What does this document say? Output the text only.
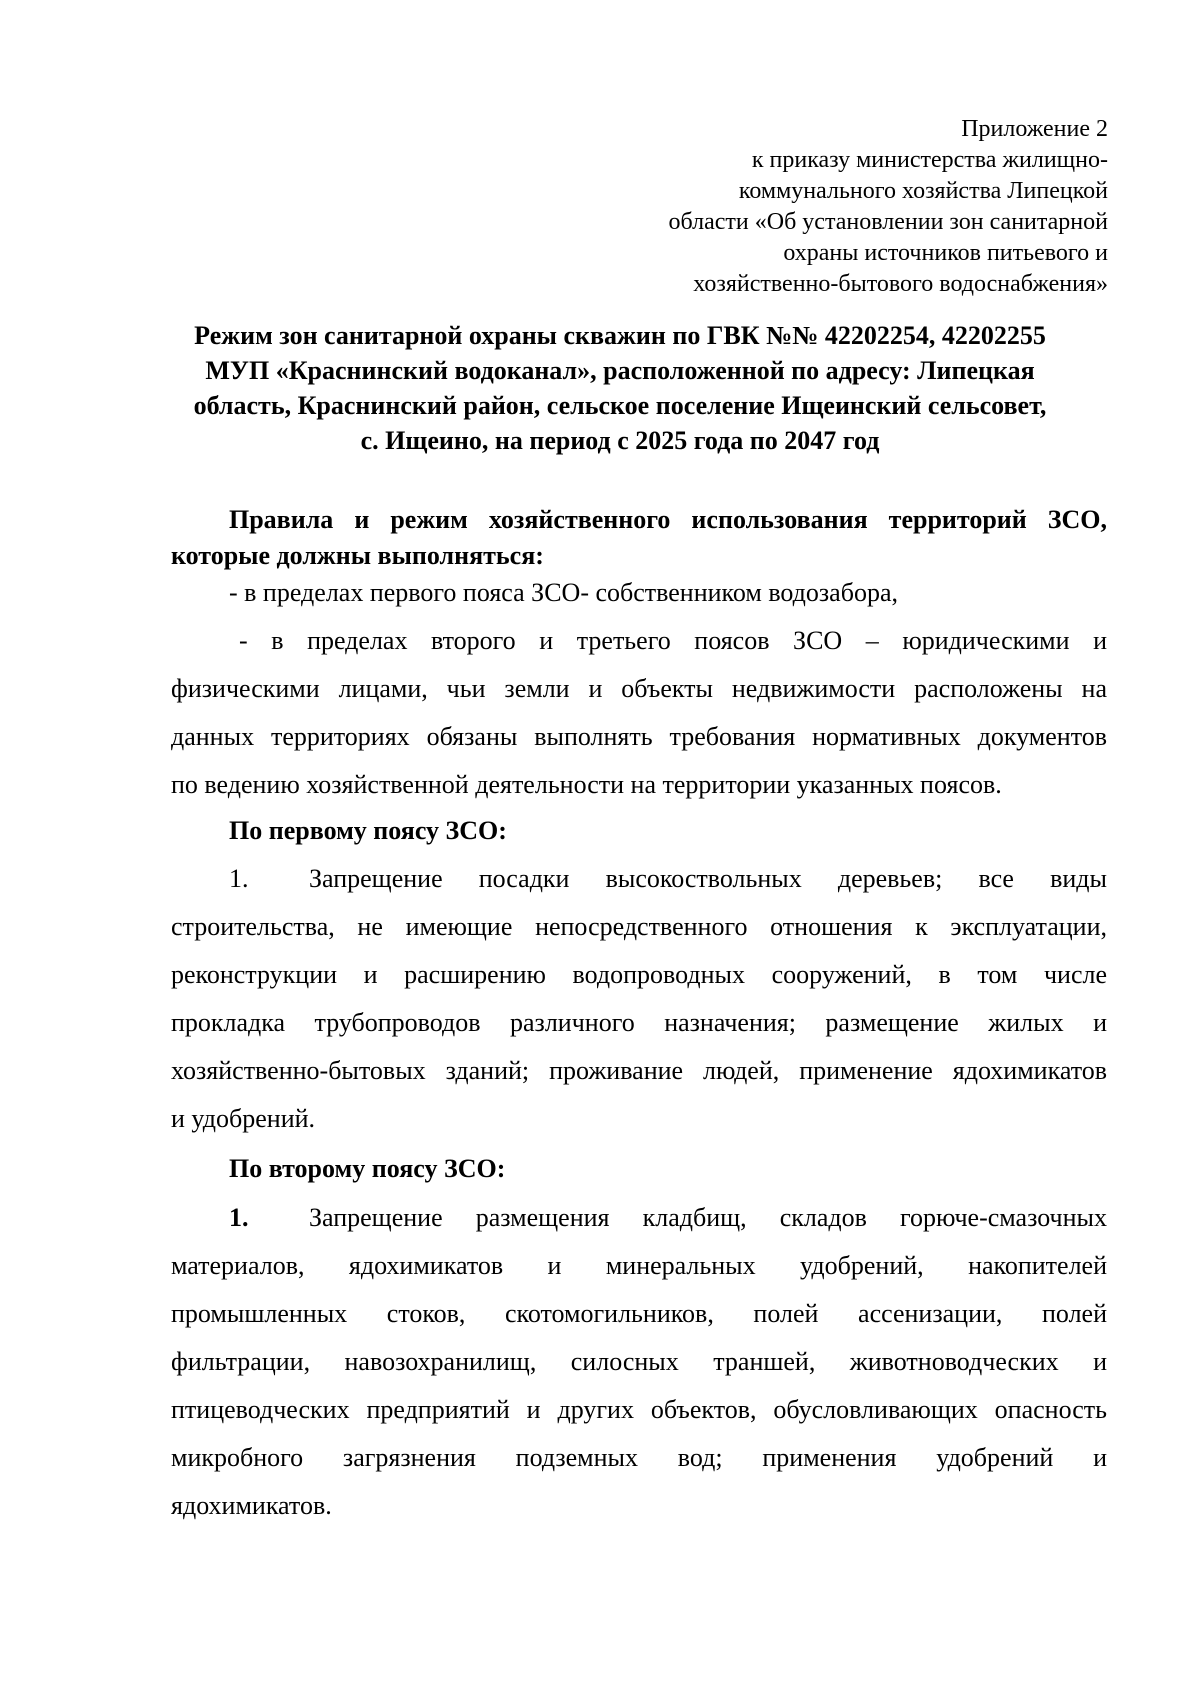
Приложение 2
к приказу министерства жилищно-
коммунального хозяйства Липецкой
области «Об установлении зон санитарной
охраны источников питьевого и
хозяйственно-бытового водоснабжения»
Режим зон санитарной охраны скважин по ГВК №№ 42202254, 42202255
МУП «Краснинский водоканал», расположенной по адресу: Липецкая
область, Краснинский район, сельское поселение Ищеинский сельсовет,
с. Ищеино, на период с 2025 года по 2047 год
Правила и режим хозяйственного использования территорий ЗСО,
которые должны выполняться:
- в пределах первого пояса ЗСО- собственником водозабора,
- в пределах второго и третьего поясов ЗСО – юридическими и
физическими лицами, чьи земли и объекты недвижимости расположены на
данных территориях обязаны выполнять требования нормативных документов
по ведению хозяйственной деятельности на территории указанных поясов.
По первому поясу ЗСО:
1. Запрещение посадки высокоствольных деревьев; все виды
строительства, не имеющие непосредственного отношения к эксплуатации,
реконструкции и расширению водопроводных сооружений, в том числе
прокладка трубопроводов различного назначения; размещение жилых и
хозяйственно-бытовых зданий; проживание людей, применение ядохимикатов
и удобрений.
По второму поясу ЗСО:
1. Запрещение размещения кладбищ, складов горюче-смазочных
материалов, ядохимикатов и минеральных удобрений, накопителей
промышленных стоков, скотомогильников, полей ассенизации, полей
фильтрации, навозохранилищ, силосных траншей, животноводческих и
птицеводческих предприятий и других объектов, обусловливающих опасность
микробного загрязнения подземных вод; применения удобрений и
ядохимикатов.
